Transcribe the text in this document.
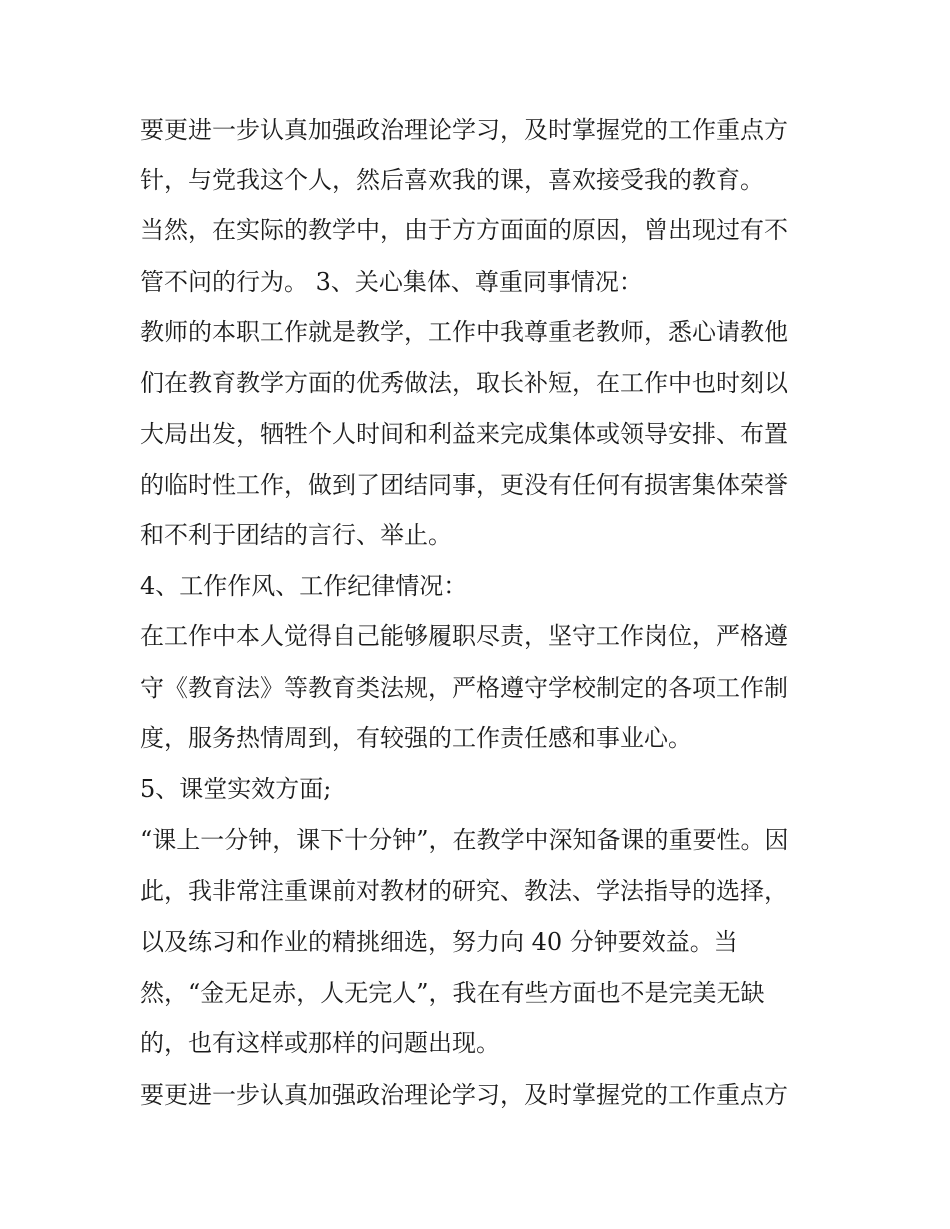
要更进一步认真加强政治理论学习，及时掌握党的工作重点方
针，与党我这个人，然后喜欢我的课，喜欢接受我的教育。
当然，在实际的教学中，由于方方面面的原因，曾出现过有不
管不问的行为。 3、关心集体、尊重同事情况：
教师的本职工作就是教学，工作中我尊重老教师，悉心请教他
们在教育教学方面的优秀做法，取长补短，在工作中也时刻以
大局出发，牺牲个人时间和利益来完成集体或领导安排、布置
的临时性工作，做到了团结同事，更没有任何有损害集体荣誉
和不利于团结的言行、举止。
4、工作作风、工作纪律情况：
在工作中本人觉得自己能够履职尽责，坚守工作岗位，严格遵
守《教育法》等教育类法规，严格遵守学校制定的各项工作制
度，服务热情周到，有较强的工作责任感和事业心。
5、课堂实效方面;
“课上一分钟，课下十分钟”，在教学中深知备课的重要性。因
此，我非常注重课前对教材的研究、教法、学法指导的选择，
以及练习和作业的精挑细选，努力向 40 分钟要效益。当
然，“金无足赤，人无完人”，我在有些方面也不是完美无缺
的，也有这样或那样的问题出现。
要更进一步认真加强政治理论学习，及时掌握党的工作重点方
